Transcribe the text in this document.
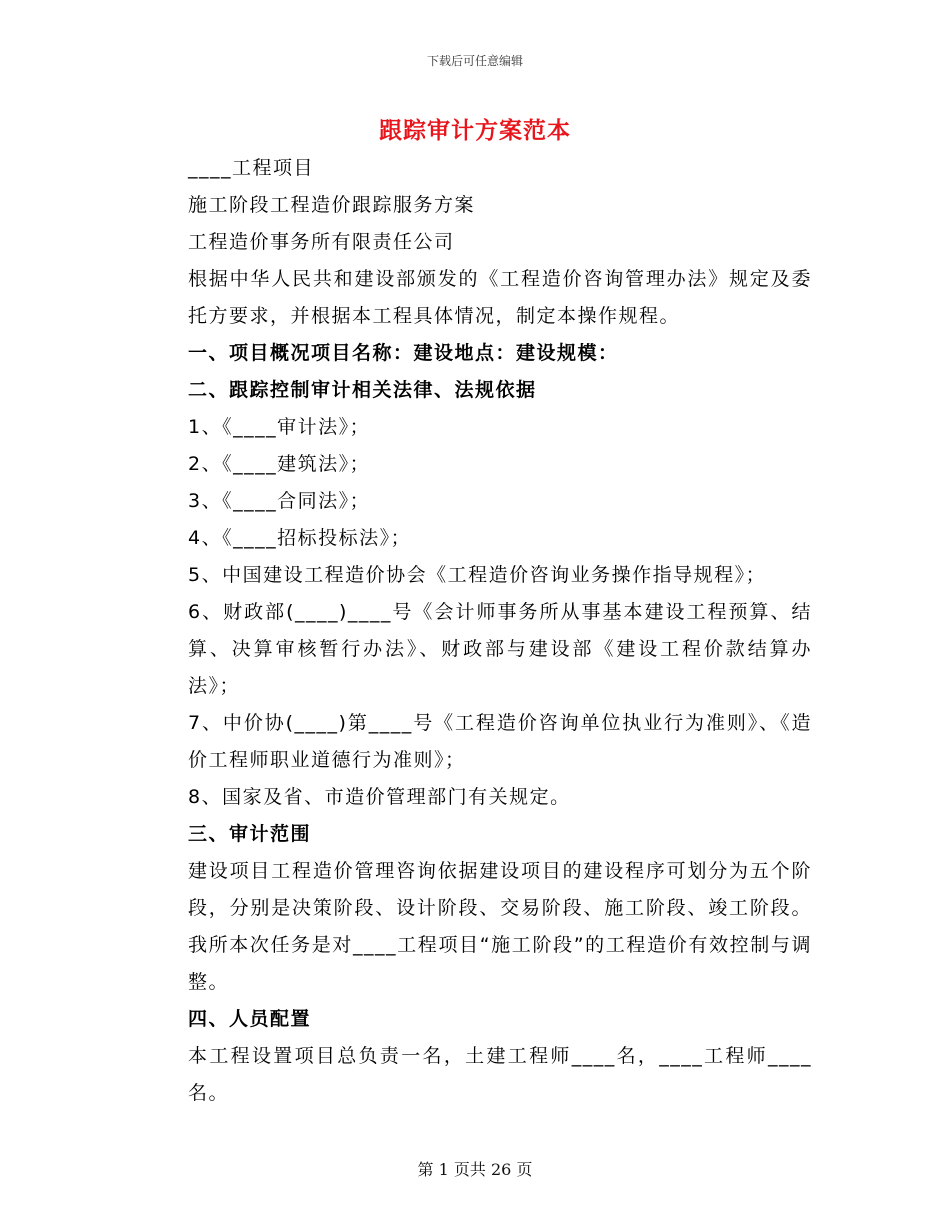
下载后可任意编辑
跟踪审计方案范本

____工程项目

施工阶段工程造价跟踪服务方案

工程造价事务所有限责任公司

根据中华人民共和建设部颁发的《工程造价咨询管理办法》规定及委托方要求，并根据本工程具体情况，制定本操作规程。

一、项目概况项目名称：建设地点：建设规模：

二、跟踪控制审计相关法律、法规依据

1、《____审计法》；

2、《____建筑法》；

3、《____合同法》；

4、《____招标投标法》；

5、中国建设工程造价协会《工程造价咨询业务操作指导规程》；

6、财政部(____)____号《会计师事务所从事基本建设工程预算、结算、决算审核暂行办法》、财政部与建设部《建设工程价款结算办法》；

7、中价协(____)第____号《工程造价咨询单位执业行为准则》、《造价工程师职业道德行为准则》；

8、国家及省、市造价管理部门有关规定。

三、审计范围

建设项目工程造价管理咨询依据建设项目的建设程序可划分为五个阶段，分别是决策阶段、设计阶段、交易阶段、施工阶段、竣工阶段。我所本次任务是对____工程项目“施工阶段”的工程造价有效控制与调整。

四、人员配置

本工程设置项目总负责一名，土建工程师____名，____工程师____名。

第 1 页共 26 页
